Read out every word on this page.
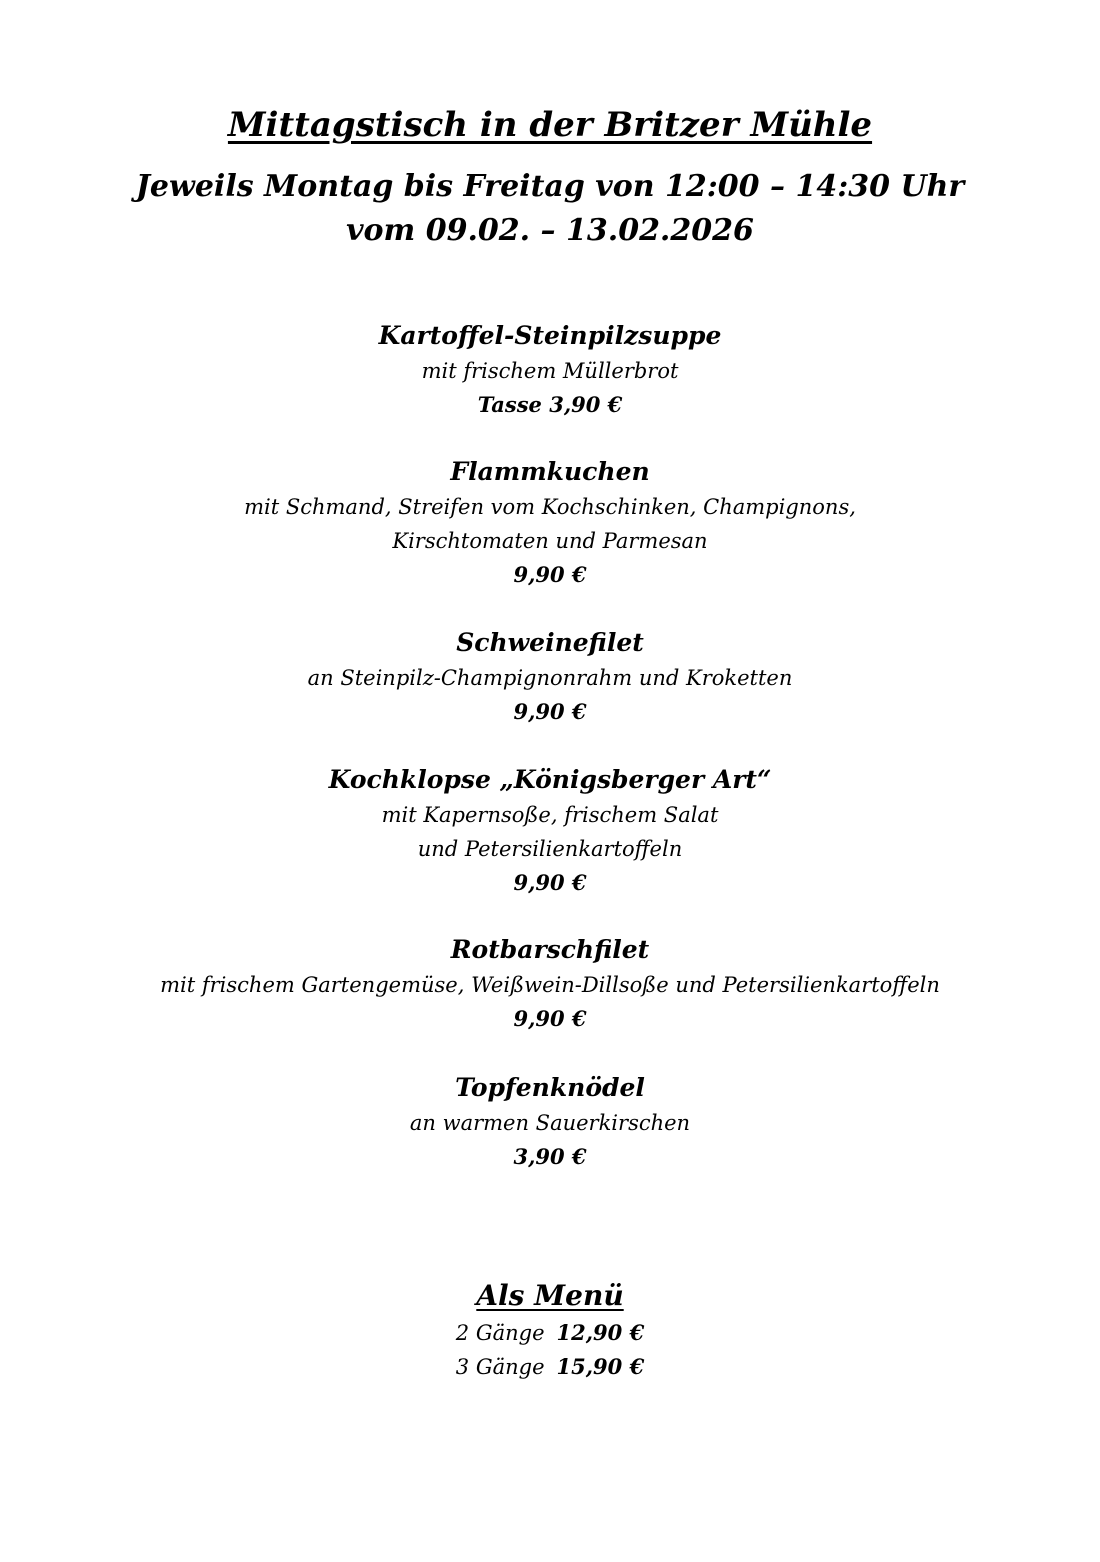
Mittagstisch in der Britzer Mühle
Jeweils Montag bis Freitag von 12:00 – 14:30 Uhr
vom 09.02. – 13.02.2026
Kartoffel-Steinpilzsuppe
mit frischem Müllerbrot
Tasse 3,90 €
Flammkuchen
mit Schmand, Streifen vom Kochschinken, Champignons,
Kirschtomaten und Parmesan
9,90 €
Schweinefilet
an Steinpilz-Champignonrahm und Kroketten
9,90 €
Kochklopse „Königsberger Art“
mit Kapernsoße, frischem Salat
und Petersilienkartoffeln
9,90 €
Rotbarschfilet
mit frischem Gartengemüse, Weißwein-Dillsoße und Petersilienkartoffeln
9,90 €
Topfenknödel
an warmen Sauerkirschen
3,90 €
Als Menü
2 Gänge 12,90 €
3 Gänge 15,90 €
